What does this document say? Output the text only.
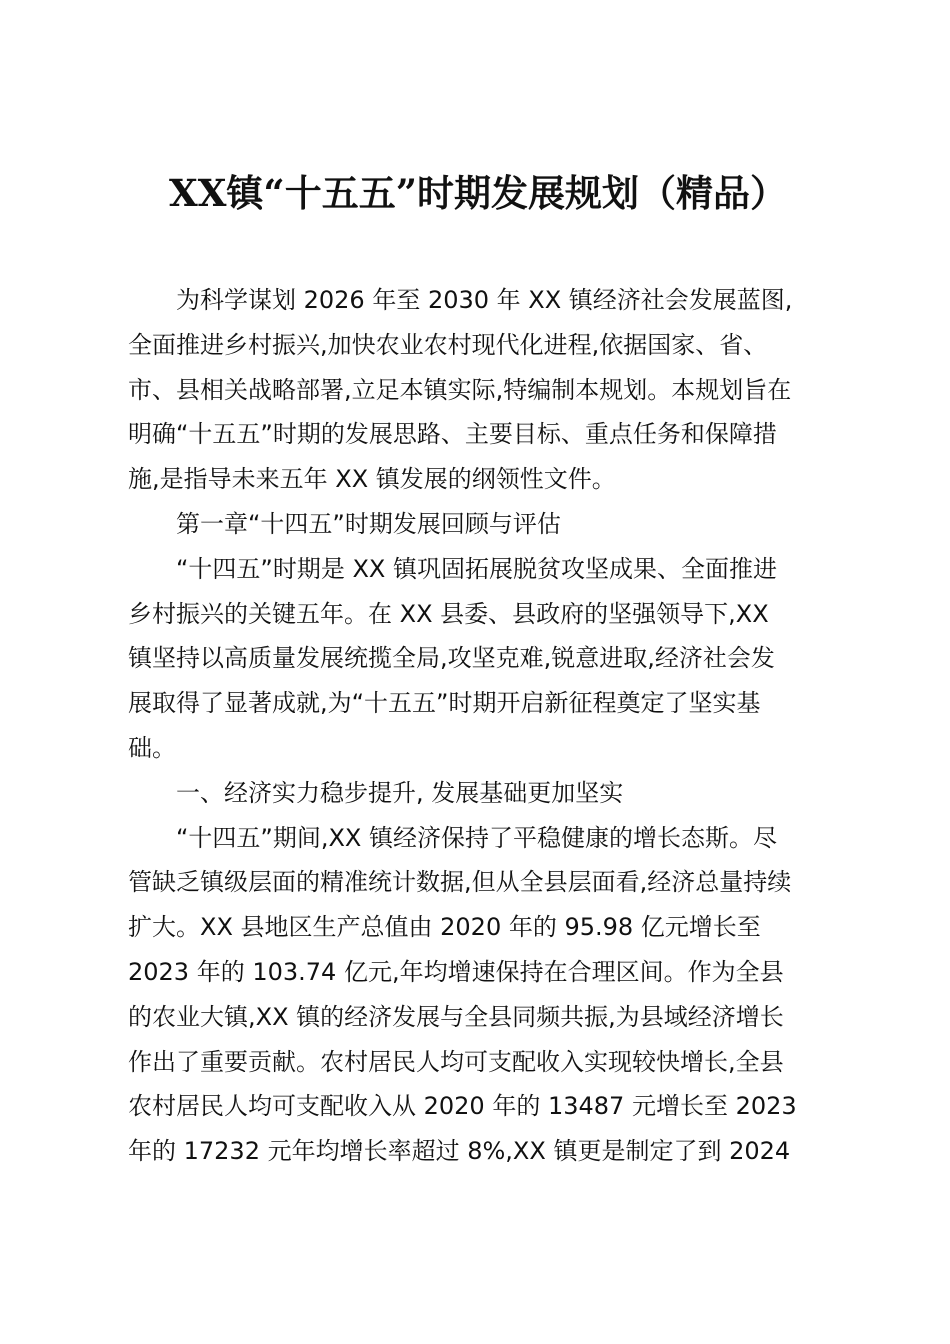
XX镇“十五五”时期发展规划（精品）

为科学谋划 2026 年至 2030 年 XX 镇经济社会发展蓝图,
全面推进乡村振兴,加快农业农村现代化进程,依据国家、省、
市、县相关战略部署,立足本镇实际,特编制本规划。本规划旨在
明确“十五五”时期的发展思路、主要目标、重点任务和保障措
施,是指导未来五年 XX 镇发展的纲领性文件。

第一章“十四五”时期发展回顾与评估

“十四五”时期是 XX 镇巩固拓展脱贫攻坚成果、全面推进
乡村振兴的关键五年。在 XX 县委、县政府的坚强领导下,XX
镇坚持以高质量发展统揽全局,攻坚克难,锐意进取,经济社会发
展取得了显著成就,为“十五五”时期开启新征程奠定了坚实基
础。

一、经济实力稳步提升, 发展基础更加坚实

“十四五”期间,XX 镇经济保持了平稳健康的增长态斯。尽
管缺乏镇级层面的精准统计数据,但从全县层面看,经济总量持续
扩大。XX 县地区生产总值由 2020 年的 95.98 亿元增长至
2023 年的 103.74 亿元,年均增速保持在合理区间。作为全县
的农业大镇,XX 镇的经济发展与全县同频共振,为县域经济增长
作出了重要贡献。农村居民人均可支配收入实现较快增长,全县
农村居民人均可支配收入从 2020 年的 13487 元增长至 2023
年的 17232 元年均增长率超过 8%,XX 镇更是制定了到 2024
